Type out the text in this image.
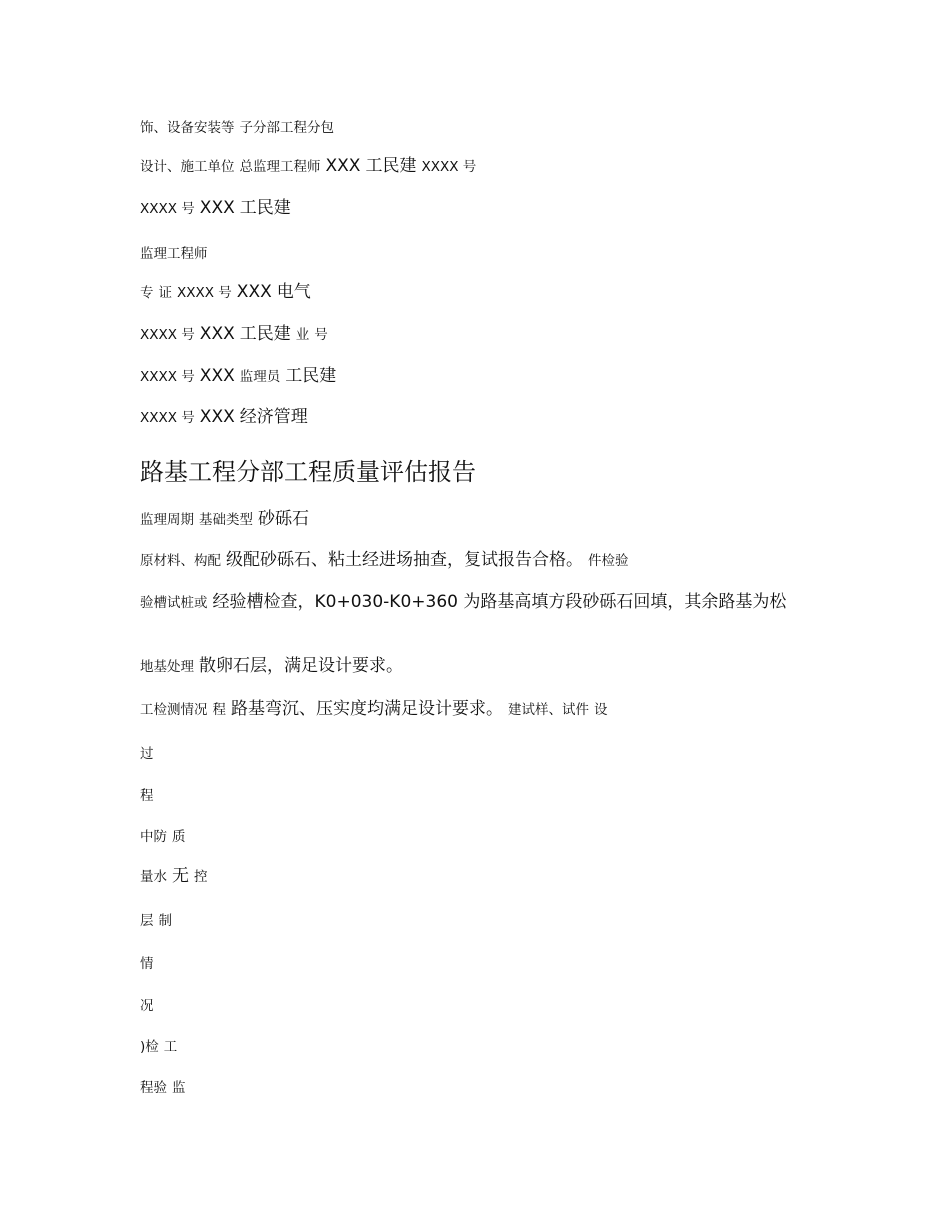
饰、设备安装等 子分部工程分包
设计、施工单位 总监理工程师 XXX 工民建 XXXX 号
XXXX 号 XXX 工民建
监理工程师
专 证 XXXX 号 XXX 电气
XXXX 号 XXX 工民建 业 号
XXXX 号 XXX 监理员 工民建
XXXX 号 XXX 经济管理
路基工程分部工程质量评估报告
监理周期 基础类型 砂砾石
原材料、构配 级配砂砾石、粘土经进场抽查，复试报告合格。 件检验
验槽试桩或 经验槽检查，K0+030-K0+360 为路基高填方段砂砾石回填，其余路基为松
地基处理 散卵石层，满足设计要求。
工检测情况 程 路基弯沉、压实度均满足设计要求。 建试样、试件 设
过
程
中防 质
量水 无 控
层 制
情
况
)检 工
程验 监
